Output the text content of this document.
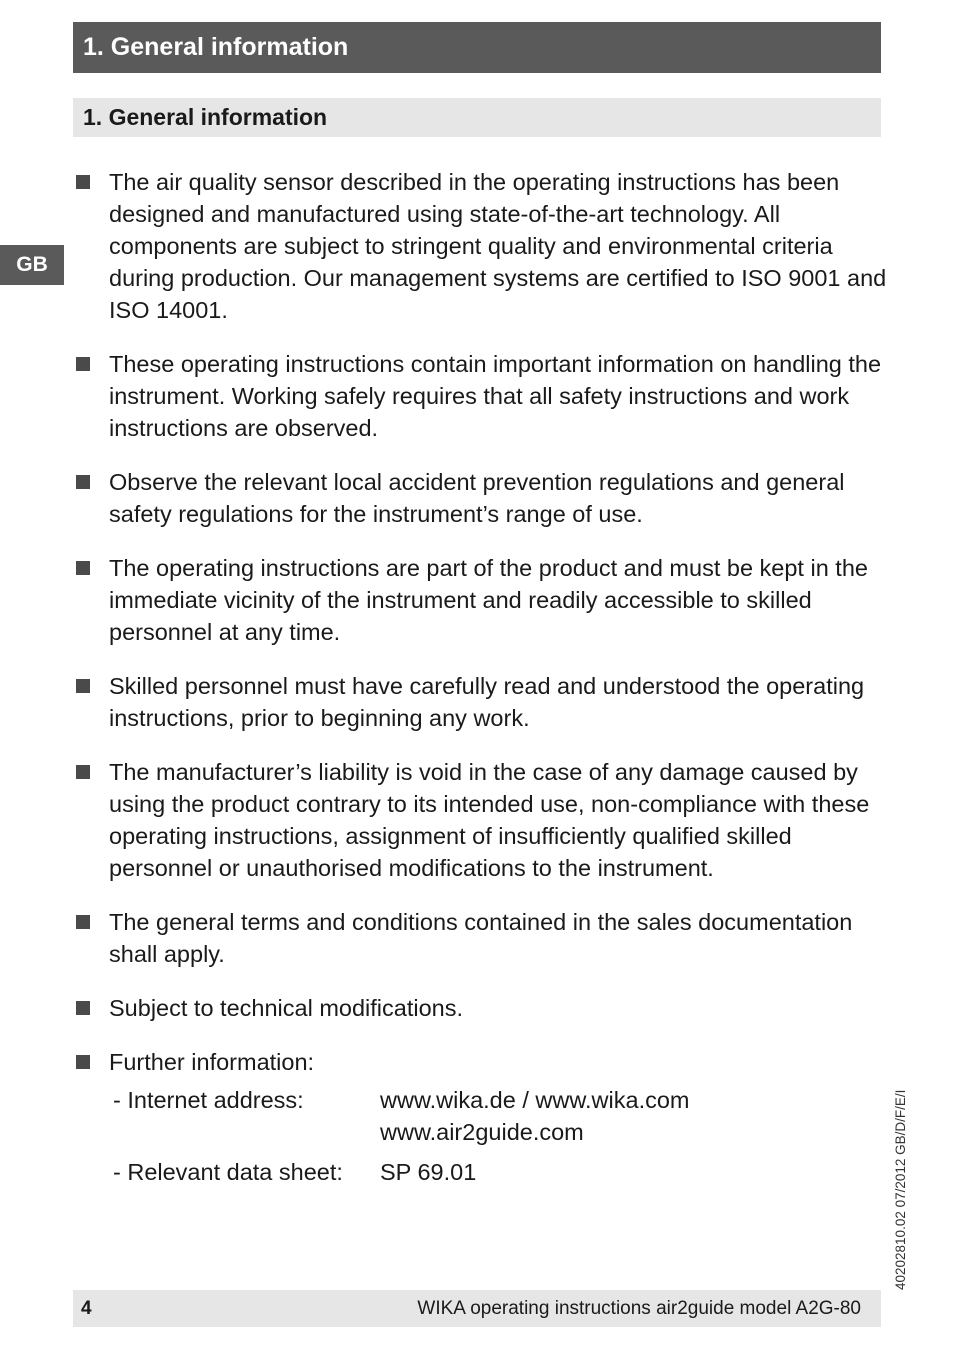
1. General information
1. General information
GB
The air quality sensor described in the operating instructions has been designed and manufactured using state-of-the-art technology. All components are subject to stringent quality and environmental criteria during production. Our management systems are certified to ISO 9001 and ISO 14001.
These operating instructions contain important information on handling the instrument. Working safely requires that all safety instructions and work instructions are observed.
Observe the relevant local accident prevention regulations and general safety regulations for the instrument’s range of use.
The operating instructions are part of the product and must be kept in the immediate vicinity of the instrument and readily accessible to skilled personnel at any time.
Skilled personnel must have carefully read and understood the operating instructions, prior to beginning any work.
The manufacturer’s liability is void in the case of any damage caused by using the product contrary to its intended use, non-compliance with these operating instructions, assignment of insufficiently qualified skilled personnel or unauthorised modifications to the instrument.
The general terms and conditions contained in the sales documentation shall apply.
Subject to technical modifications.
Further information:
- Internet address:	www.wika.de / www.wika.com
www.air2guide.com
- Relevant data sheet:	SP 69.01	40202810.02 07/2012 GB/D/F/E/I
4	WIKA operating instructions air2guide model A2G-80
